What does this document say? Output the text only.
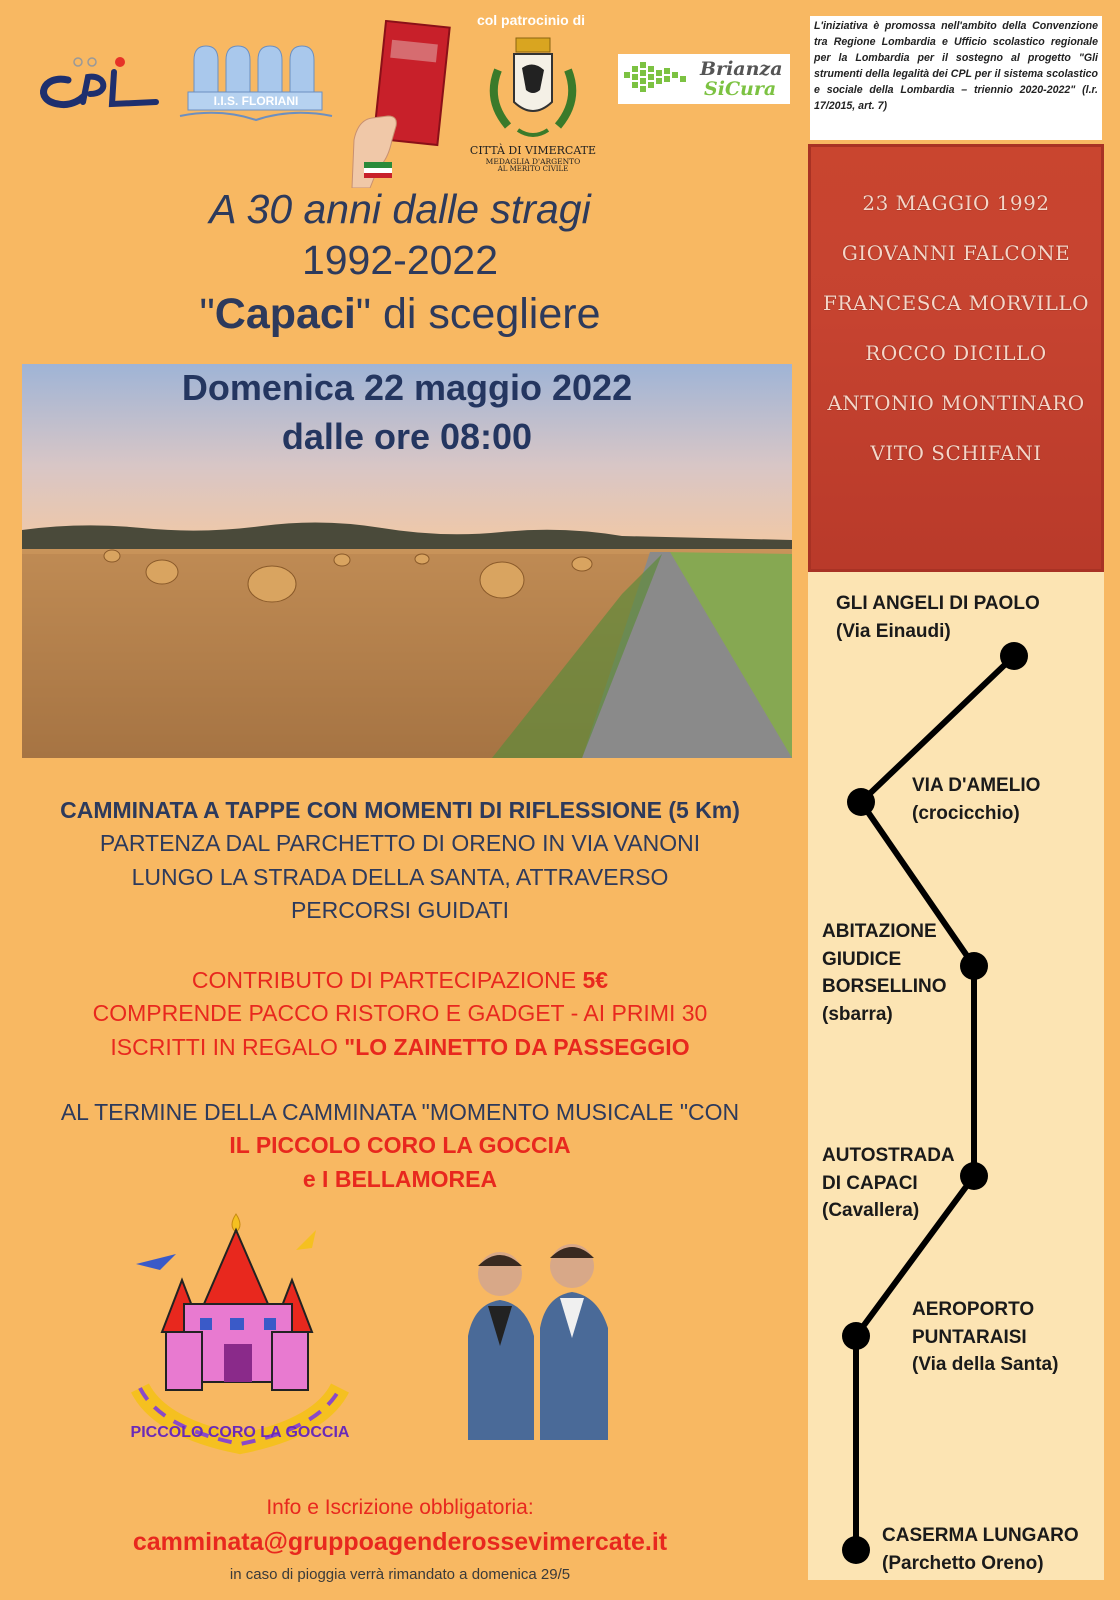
I.I.S. FLORIANI
col patrocinio di
CITTÀ DI VIMERCATE
MEDAGLIA D'ARGENTO
AL MERITO CIVILE
Brianza
SiCura
L'iniziativa è promossa nell'ambito della Convenzione tra Regione Lombardia e Ufficio scolastico regionale per la Lombardia per il sostegno al progetto "Gli strumenti della legalità dei CPL per il sistema scolastico e sociale della Lombardia – triennio 2020-2022" (l.r. 17/2015, art. 7)
A 30 anni dalle stragi
1992-2022
"Capaci" di scegliere
Domenica 22 maggio 2022
dalle ore 08:00
23 MAGGIO 1992
GIOVANNI FALCONE
FRANCESCA MORVILLO
ROCCO DICILLO
ANTONIO MONTINARO
VITO SCHIFANI
GLI ANGELI DI PAOLO
(Via Einaudi)
VIA D'AMELIO
(crocicchio)
ABITAZIONE
GIUDICE
BORSELLINO
(sbarra)
AUTOSTRADA
DI CAPACI
(Cavallera)
AEROPORTO
PUNTARAISI
(Via della Santa)
CASERMA LUNGARO
(Parchetto Oreno)
CAMMINATA A TAPPE CON MOMENTI DI RIFLESSIONE (5 Km)
PARTENZA DAL PARCHETTO DI ORENO IN VIA VANONI
LUNGO LA STRADA DELLA SANTA, ATTRAVERSO
PERCORSI GUIDATI
CONTRIBUTO DI PARTECIPAZIONE 5€
COMPRENDE PACCO RISTORO E GADGET - AI PRIMI 30
ISCRITTI IN REGALO "LO ZAINETTO DA PASSEGGIO
AL TERMINE DELLA CAMMINATA "MOMENTO MUSICALE "CON
IL PICCOLO CORO LA GOCCIA
e I BELLAMOREA
PICCOLO CORO LA GOCCIA
Info e Iscrizione obbligatoria:
camminata@gruppoagenderossevimercate.it
in caso di pioggia verrà rimandato a domenica 29/5
